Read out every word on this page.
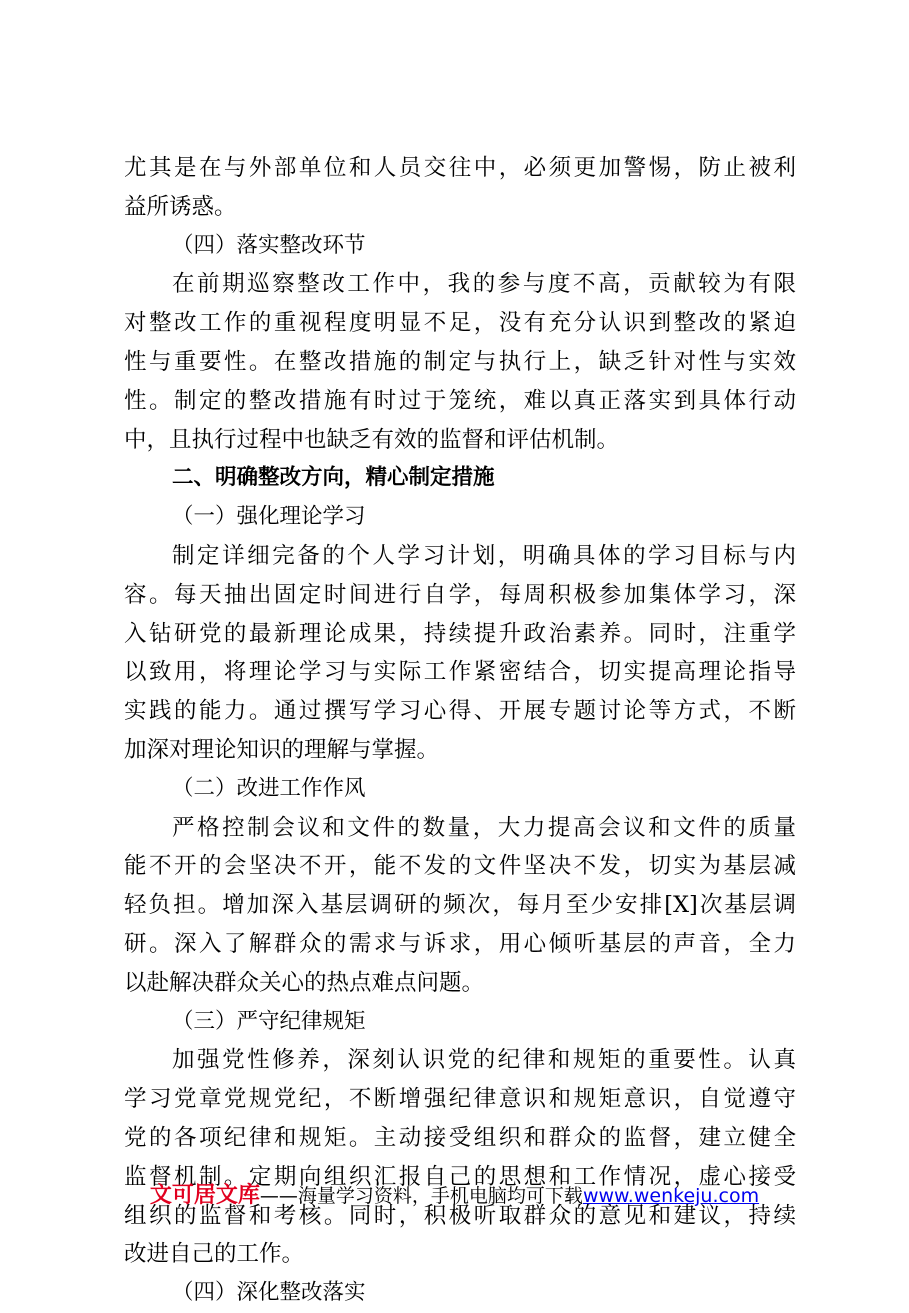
尤其是在与外部单位和人员交往中，必须更加警惕，防止被利
益所诱惑。
（四）落实整改环节
在前期巡察整改工作中，我的参与度不高，贡献较为有限
对整改工作的重视程度明显不足，没有充分认识到整改的紧迫
性与重要性。在整改措施的制定与执行上，缺乏针对性与实效
性。制定的整改措施有时过于笼统，难以真正落实到具体行动
中，且执行过程中也缺乏有效的监督和评估机制。
二、明确整改方向，精心制定措施
（一）强化理论学习
制定详细完备的个人学习计划，明确具体的学习目标与内
容。每天抽出固定时间进行自学，每周积极参加集体学习，深
入钻研党的最新理论成果，持续提升政治素养。同时，注重学
以致用，将理论学习与实际工作紧密结合，切实提高理论指导
实践的能力。通过撰写学习心得、开展专题讨论等方式，不断
加深对理论知识的理解与掌握。
（二）改进工作作风
严格控制会议和文件的数量，大力提高会议和文件的质量
能不开的会坚决不开，能不发的文件坚决不发，切实为基层减
轻负担。增加深入基层调研的频次，每月至少安排[X]次基层调
研。深入了解群众的需求与诉求，用心倾听基层的声音，全力
以赴解决群众关心的热点难点问题。
（三）严守纪律规矩
加强党性修养，深刻认识党的纪律和规矩的重要性。认真
学习党章党规党纪，不断增强纪律意识和规矩意识，自觉遵守
党的各项纪律和规矩。主动接受组织和群众的监督，建立健全
监督机制。定期向组织汇报自己的思想和工作情况，虚心接受
组织的监督和考核。同时，积极听取群众的意见和建议，持续
改进自己的工作。
（四）深化整改落实
文可居文库——海量学习资料，手机电脑均可下载www.wenkeju.com
